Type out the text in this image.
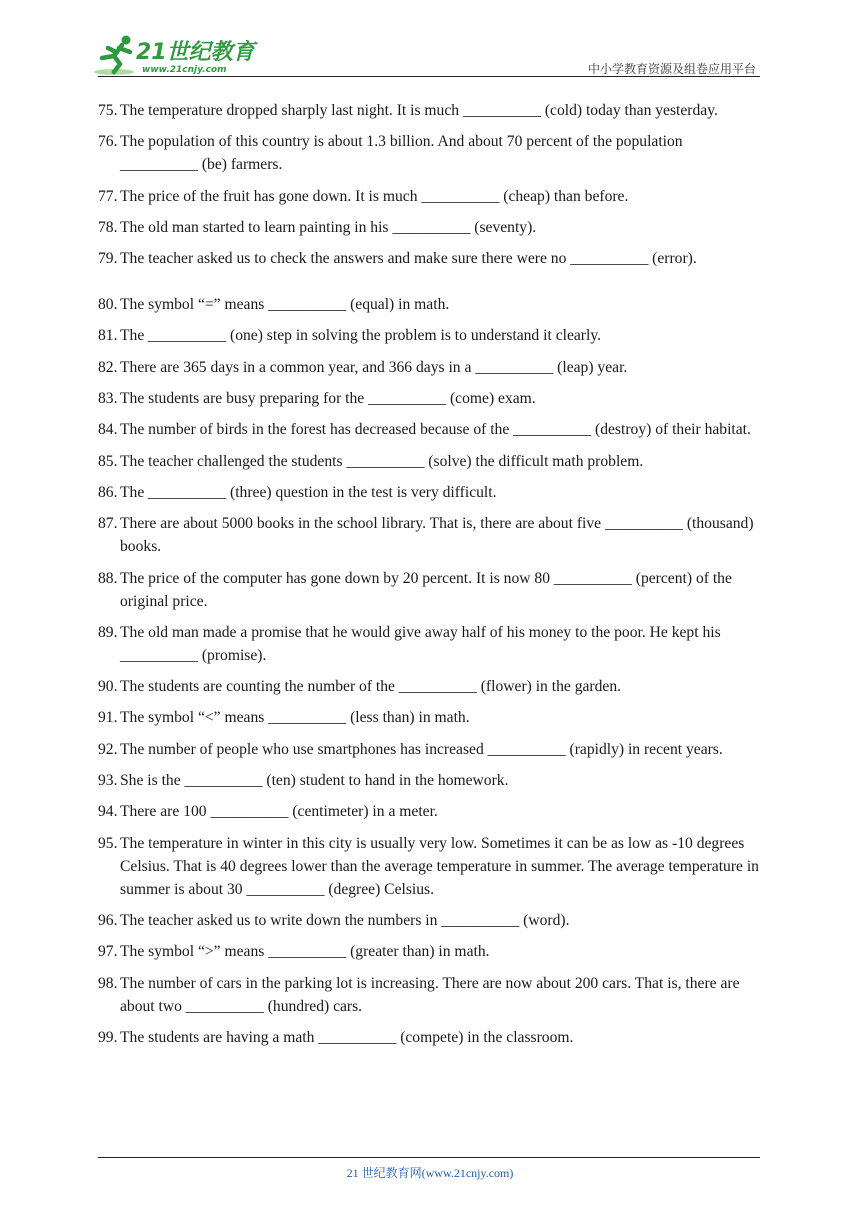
21世纪教育
www.21cnjy.com	中小学教育资源及组卷应用平台
75. The temperature dropped sharply last night. It is much __________ (cold) today than yesterday.
76. The population of this country is about 1.3 billion. And about 70 percent of the population __________ (be) farmers.
77. The price of the fruit has gone down. It is much __________ (cheap) than before.
78. The old man started to learn painting in his __________ (seventy).
79. The teacher asked us to check the answers and make sure there were no __________ (error).
80. The symbol “=” means __________ (equal) in math.
81. The __________ (one) step in solving the problem is to understand it clearly.
82. There are 365 days in a common year, and 366 days in a __________ (leap) year.
83. The students are busy preparing for the __________ (come) exam.
84. The number of birds in the forest has decreased because of the __________ (destroy) of their habitat.
85. The teacher challenged the students __________ (solve) the difficult math problem.
86. The __________ (three) question in the test is very difficult.
87. There are about 5000 books in the school library. That is, there are about five __________ (thousand) books.
88. The price of the computer has gone down by 20 percent. It is now 80 __________ (percent) of the original price.
89. The old man made a promise that he would give away half of his money to the poor. He kept his __________ (promise).
90. The students are counting the number of the __________ (flower) in the garden.
91. The symbol “<” means __________ (less than) in math.
92. The number of people who use smartphones has increased __________ (rapidly) in recent years.
93. She is the __________ (ten) student to hand in the homework.
94. There are 100 __________ (centimeter) in a meter.
95. The temperature in winter in this city is usually very low. Sometimes it can be as low as -10 degrees Celsius. That is 40 degrees lower than the average temperature in summer. The average temperature in summer is about 30 __________ (degree) Celsius.
96. The teacher asked us to write down the numbers in __________ (word).
97. The symbol “>” means __________ (greater than) in math.
98. The number of cars in the parking lot is increasing. There are now about 200 cars. That is, there are about two __________ (hundred) cars.
99. The students are having a math __________ (compete) in the classroom.
21 世纪教育网(www.21cnjy.com)
